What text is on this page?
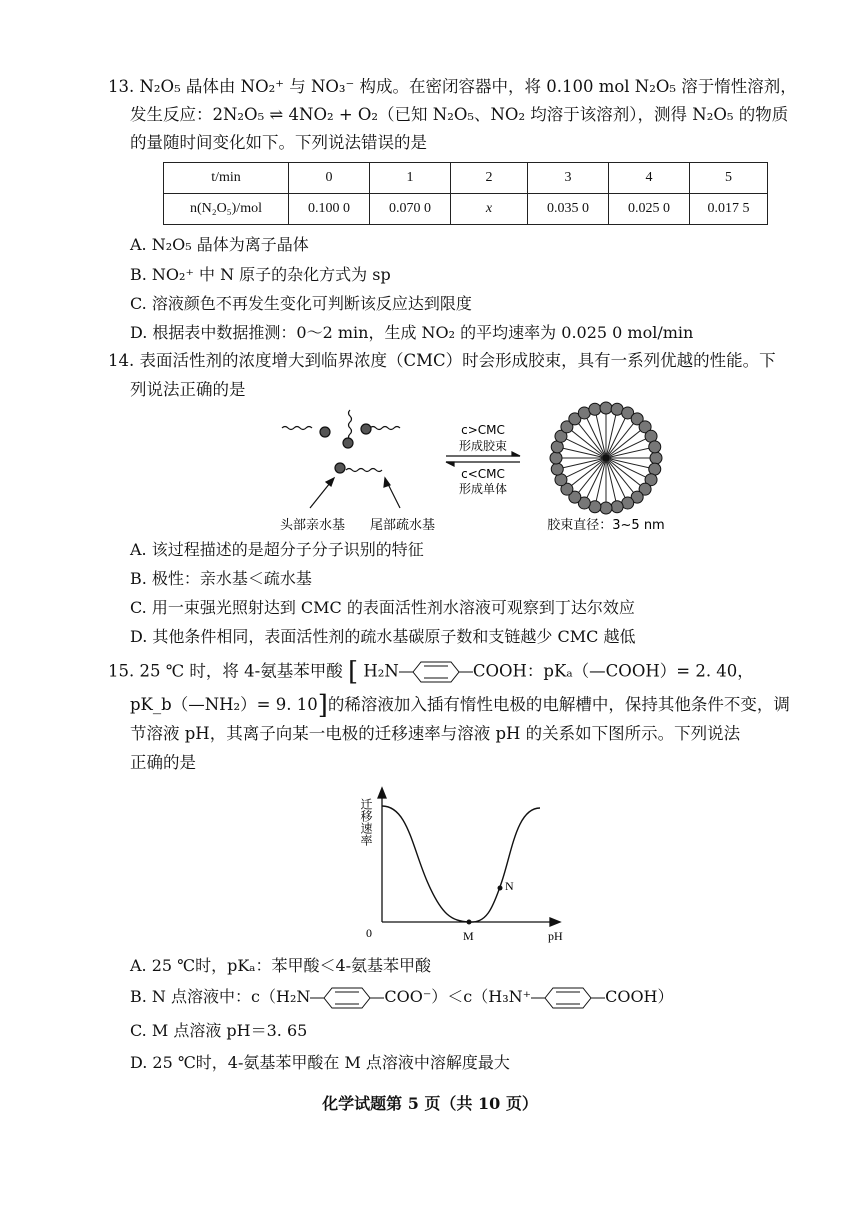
13. N₂O₅ 晶体由 NO₂⁺ 与 NO₃⁻ 构成。在密闭容器中，将 0.100 mol N₂O₅ 溶于惰性溶剂，
发生反应：2N₂O₅ ⇌ 4NO₂ + O₂（已知 N₂O₅、NO₂ 均溶于该溶剂），测得 N₂O₅ 的物质
的量随时间变化如下。下列说法错误的是
t/min	0	1	2	3	4	5
n(N₂O₅)/mol	0.100 0	0.070 0	x	0.035 0	0.025 0	0.017 5
A. N₂O₅ 晶体为离子晶体
B. NO₂⁺ 中 N 原子的杂化方式为 sp
C. 溶液颜色不再发生变化可判断该反应达到限度
D. 根据表中数据推测：0～2 min，生成 NO₂ 的平均速率为 0.025 0 mol/min
14. 表面活性剂的浓度增大到临界浓度（CMC）时会形成胶束，具有一系列优越的性能。下
列说法正确的是
头部亲水基 尾部疏水基
c>CMC
形成胶束
c<CMC
形成单体
胶束直径：3~5 nm
A. 该过程描述的是超分子分子识别的特征
B. 极性：亲水基＜疏水基
C. 用一束强光照射达到 CMC 的表面活性剂水溶液可观察到丁达尔效应
D. 其他条件相同，表面活性剂的疏水基碳原子数和支链越少 CMC 越低
15. 25 ℃ 时，将 4-氨基苯甲酸 [ H₂N	COOH：pKₐ（—COOH）= 2. 40，
pK_b（—NH₂）= 9. 10]的稀溶液加入插有惰性电极的电解槽中，保持其他条件不变，调
节溶液 pH，其离子向某一电极的迁移速率与溶液 pH 的关系如下图所示。下列说法
正确的是
迁移速率
0	M
N
pH
A. 25 ℃时，pKₐ：苯甲酸＜4-氨基苯甲酸
B. N 点溶液中：c（H₂N	COO⁻）＜c（H₃N⁺	COOH）
C. M 点溶液 pH＝3. 65
D. 25 ℃时，4-氨基苯甲酸在 M 点溶液中溶解度最大
化学试题第 5 页（共 10 页）
